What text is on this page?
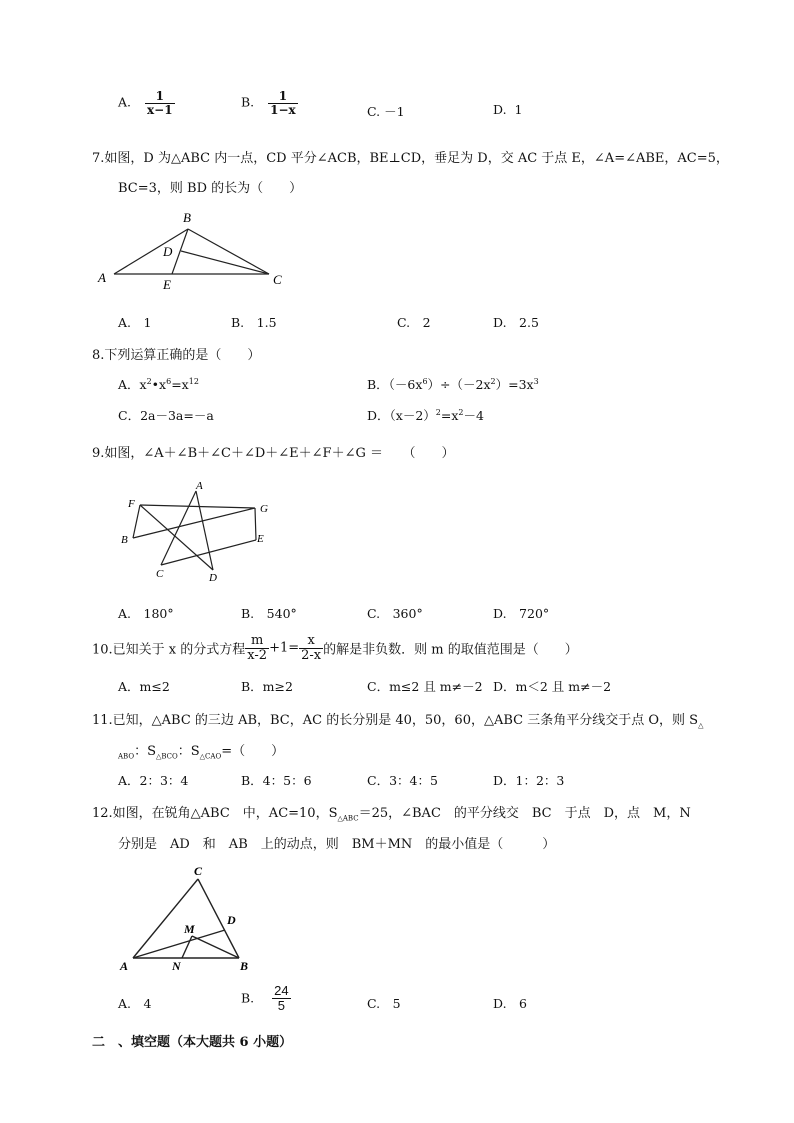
A. $\frac{1}{x-1}$	B. $\frac{1}{1-x}$	C. －1	D. 1
7.如图，D 为△ABC 内一点，CD 平分∠ACB，BE⊥CD，垂足为 D，交 AC 于点 E，∠A=∠ABE，AC=5，
BC=3，则 BD 的长为（　　）
A
B
C
D
E
A.　1	B.　1.5	C.　2	D.　2.5
8.下列运算正确的是（　　）
A．$x^2•x^6=x^{12}$	B．$(-6x^6)\div(-2x^2)=3x^3$
C．2a－3a=－a	D．$(x-2)^2=x^2-4$
9.如图，∠A＋∠B＋∠C＋∠D＋∠E＋∠F＋∠G ＝　　（　　）
A
F	G
B	E
C	D
A.　180°	B.　540°	C.　360°	D.　720°
10.已知关于 x 的分式方程 $\frac{m}{x-2} +1= \frac{x}{2-x}$ 的解是非负数．则 m 的取值范围是（　　）
A．m≤2	B．m≥2	C．m≤2 且 m≠－2 D．m＜2 且 m≠－2
11.已知，△ABC 的三边 AB，BC，AC 的长分别是 40，50，60，△ABC 三条角平分线交于点 O，则 $S_\triangle$
$_{ABO}$：$S_{\triangle BCO}$：$S_{\triangle CAO}=$（　　）
A．2：3：4	B．4：5：6	C．3：4：5	D．1：2：3
12.如图，在锐角△ABC　中，AC=10，$S_{\triangle ABC}=25$，∠BAC　的平分线交　BC　于点　D，点　M，N
分别是　AD　和　AB　上的动点，则　BM＋MN　的最小值是（　　　）
C
D
M
A	N	B
A.　4	B. $\frac{24}{5}$	C.　5	D.　6
二　、填空题（本大题共 6 小题）
